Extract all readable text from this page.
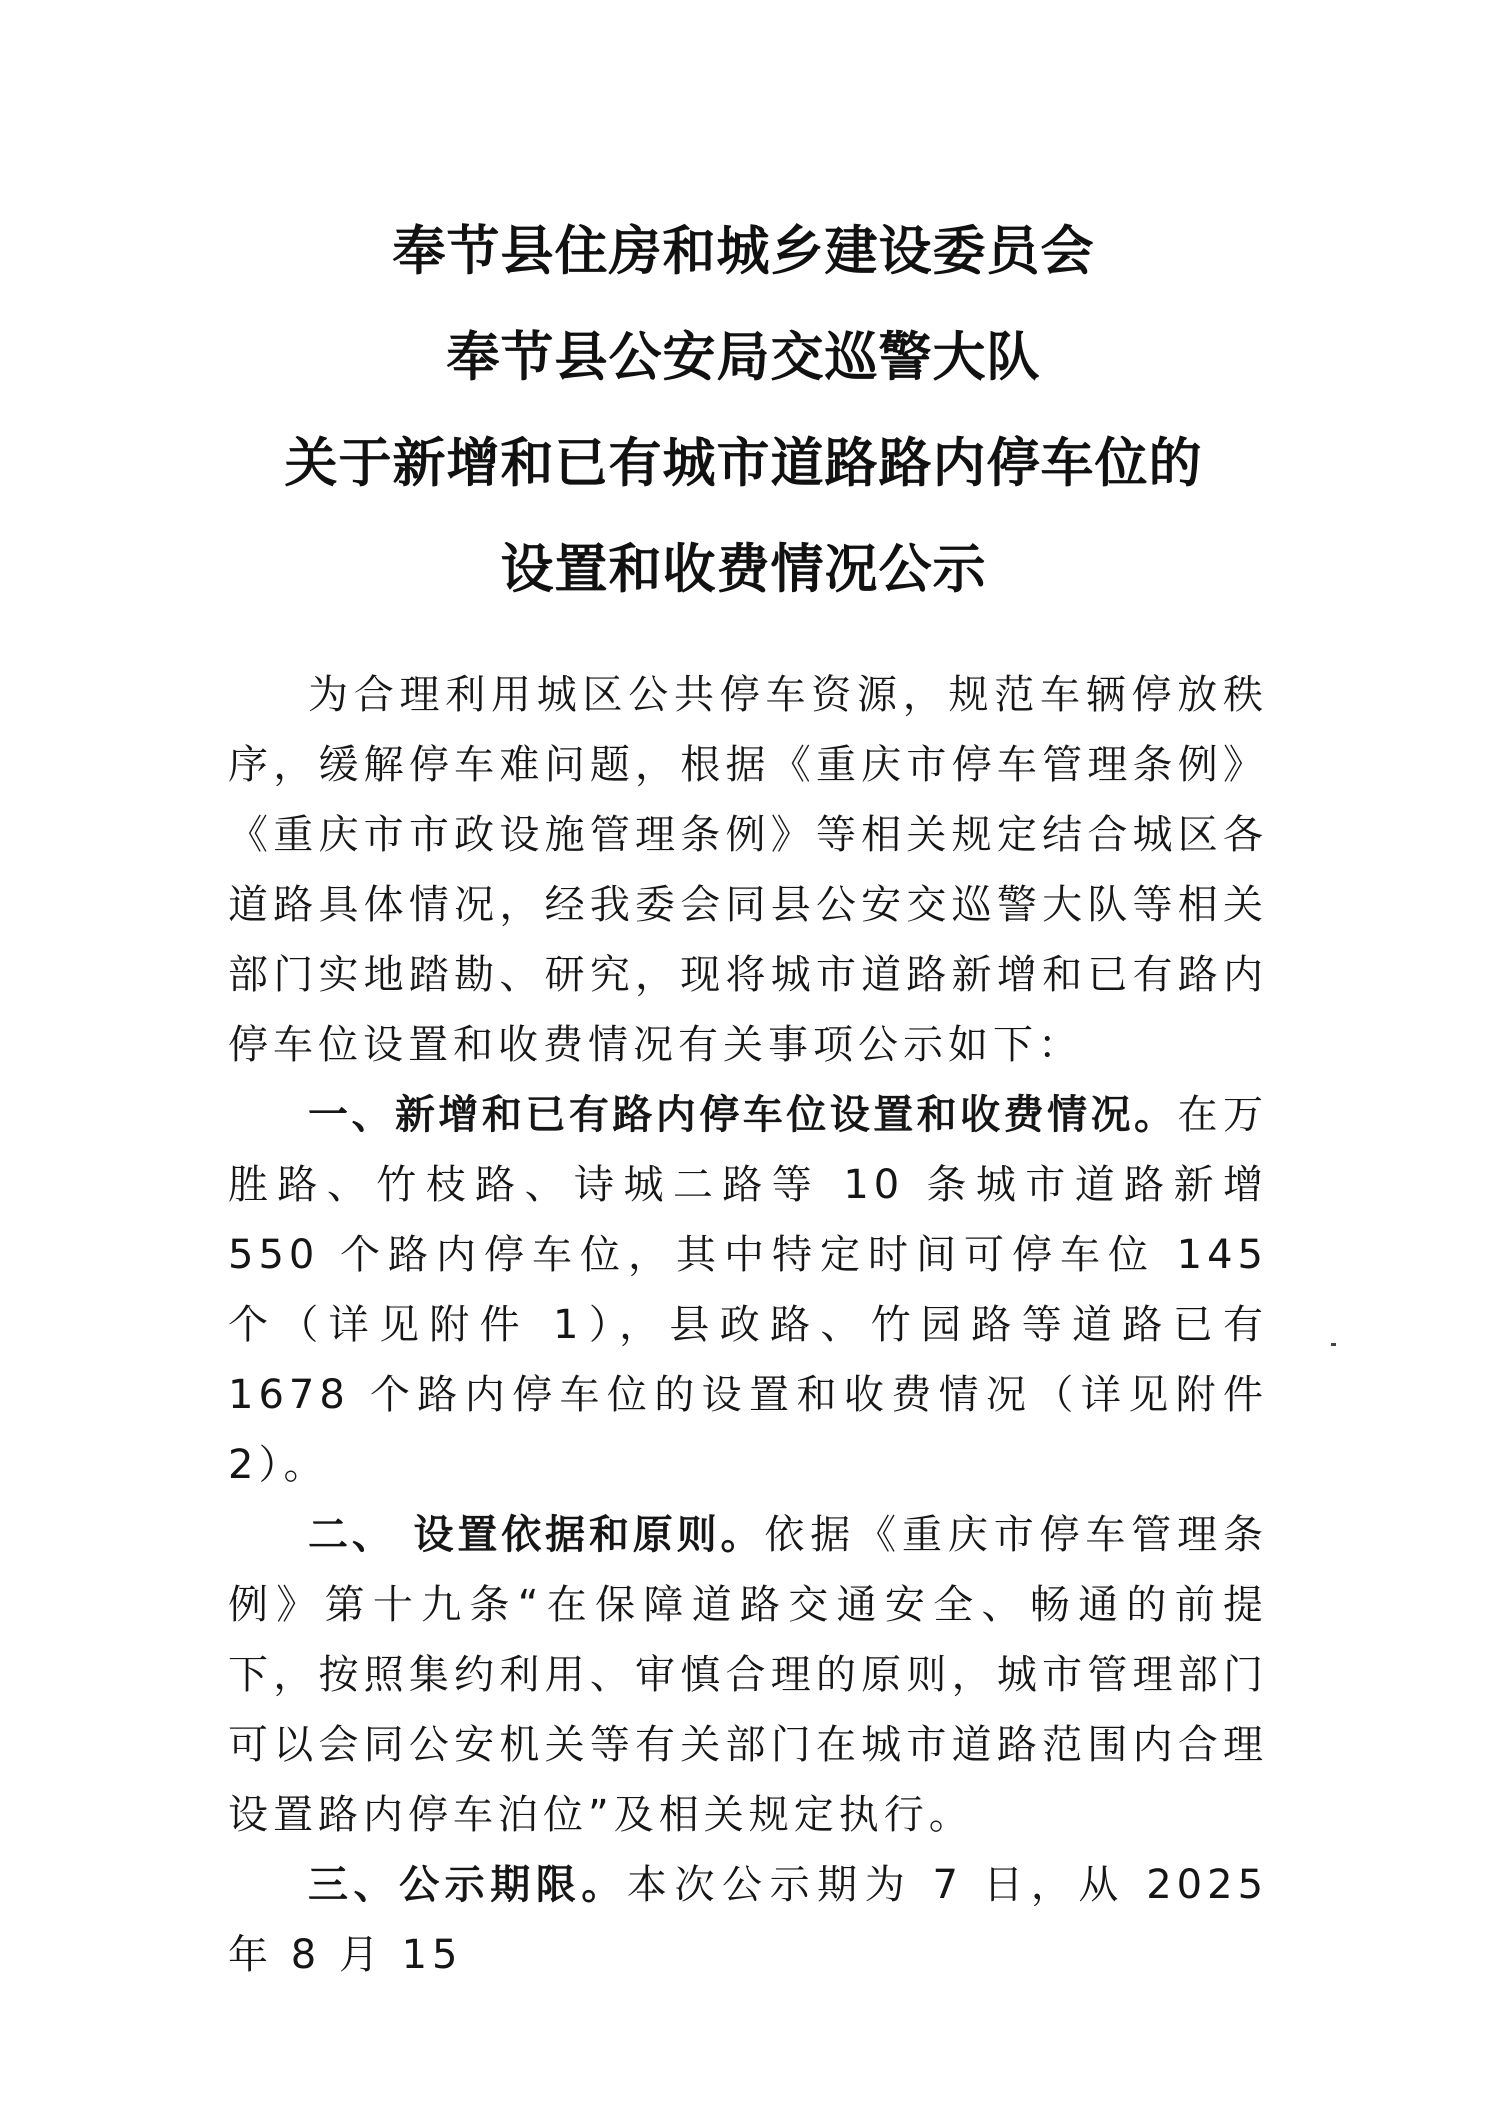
奉节县住房和城乡建设委员会
奉节县公安局交巡警大队
关于新增和已有城市道路路内停车位的
设置和收费情况公示

为合理利用城区公共停车资源，规范车辆停放秩序，缓解停车难问题，根据《重庆市停车管理条例》《重庆市市政设施管理条例》等相关规定结合城区各道路具体情况，经我委会同县公安交巡警大队等相关部门实地踏勘、研究，现将城市道路新增和已有路内停车位设置和收费情况有关事项公示如下：

一、新增和已有路内停车位设置和收费情况。在万胜路、竹枝路、诗城二路等 10 条城市道路新增 550 个路内停车位，其中特定时间可停车位 145 个（详见附件 1），县政路、竹园路等道路已有 1678 个路内停车位的设置和收费情况（详见附件 2）。

二、 设置依据和原则。依据《重庆市停车管理条例》第十九条“在保障道路交通安全、畅通的前提下，按照集约利用、审慎合理的原则，城市管理部门可以会同公安机关等有关部门在城市道路范围内合理设置路内停车泊位”及相关规定执行。

三、公示期限。本次公示期为 7 日，从 2025 年 8 月 15
